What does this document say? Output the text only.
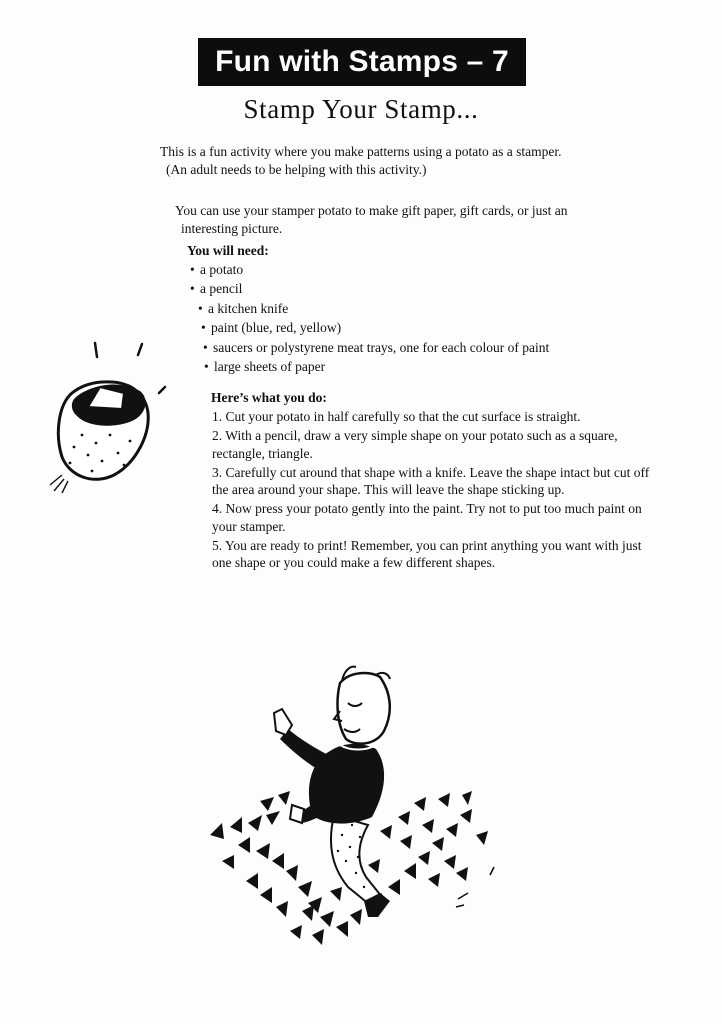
Fun with Stamps – 7
Stamp Your Stamp...

This is a fun activity where you make patterns using a potato as a stamper.

(An adult needs to be helping with this activity.)

You can use your stamper potato to make gift paper, gift cards, or just an

interesting picture.

You will need:
• a potato
• a pencil
• a kitchen knife
• paint (blue, red, yellow)
• saucers or polystyrene meat trays, one for each colour of paint
• large sheets of paper
Here’s what you do:

1. Cut your potato in half carefully so that the cut surface is straight.

2. With a pencil, draw a very simple shape on your potato such as a square, rectangle, triangle.

3. Carefully cut around that shape with a knife. Leave the shape intact but cut off the area around your shape. This will leave the shape sticking up.

4. Now press your potato gently into the paint. Try not to put too much paint on your stamper.

5. You are ready to print! Remember, you can print anything you want with just one shape or you could make a few different shapes.
